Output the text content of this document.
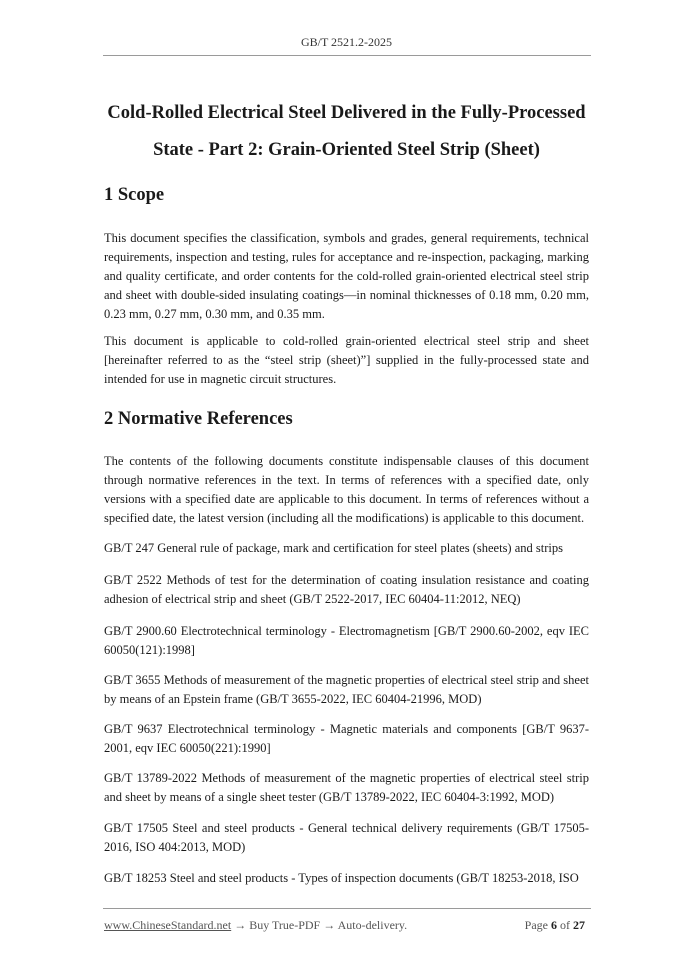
GB/T 2521.2-2025
Cold-Rolled Electrical Steel Delivered in the Fully-Processed
State - Part 2: Grain-Oriented Steel Strip (Sheet)
1 Scope

This document specifies the classification, symbols and grades, general requirements, technical requirements, inspection and testing, rules for acceptance and re-inspection, packaging, marking and quality certificate, and order contents for the cold-rolled grain-oriented electrical steel strip and sheet with double-sided insulating coatings—in nominal thicknesses of 0.18 mm, 0.20 mm, 0.23 mm, 0.27 mm, 0.30 mm, and 0.35 mm.

This document is applicable to cold-rolled grain-oriented electrical steel strip and sheet [hereinafter referred to as the “steel strip (sheet)”] supplied in the fully-processed state and intended for use in magnetic circuit structures.

2 Normative References

The contents of the following documents constitute indispensable clauses of this document through normative references in the text. In terms of references with a specified date, only versions with a specified date are applicable to this document. In terms of references without a specified date, the latest version (including all the modifications) is applicable to this document.

GB/T 247 General rule of package, mark and certification for steel plates (sheets) and strips

GB/T 2522 Methods of test for the determination of coating insulation resistance and coating adhesion of electrical strip and sheet (GB/T 2522-2017, IEC 60404-11:2012, NEQ)

GB/T 2900.60 Electrotechnical terminology - Electromagnetism [GB/T 2900.60-2002, eqv IEC 60050(121):1998]

GB/T 3655 Methods of measurement of the magnetic properties of electrical steel strip and sheet by means of an Epstein frame (GB/T 3655-2022, IEC 60404-21996, MOD)

GB/T 9637 Electrotechnical terminology - Magnetic materials and components [GB/T 9637-2001, eqv IEC 60050(221):1990]

GB/T 13789-2022 Methods of measurement of the magnetic properties of electrical steel strip and sheet by means of a single sheet tester (GB/T 13789-2022, IEC 60404-3:1992, MOD)

GB/T 17505 Steel and steel products - General technical delivery requirements (GB/T 17505-2016, ISO 404:2013, MOD)

GB/T 18253 Steel and steel products - Types of inspection documents (GB/T 18253-2018, ISO

www.ChineseStandard.net → Buy True-PDF → Auto-delivery.	Page 6 of 27
